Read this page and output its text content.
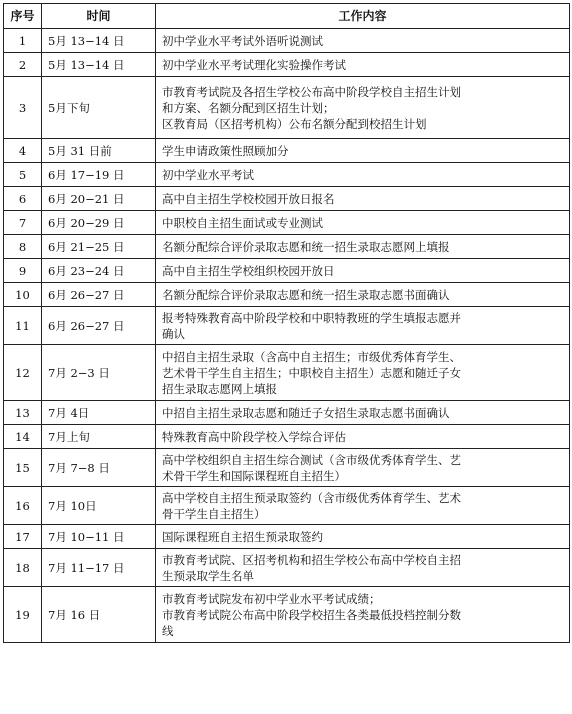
序号	时间	工作内容
1	5月 13−14 日	初中学业水平考试外语听说测试

2	5月 13−14 日	初中学业水平考试理化实验操作考试

3	5月下旬	市教育考试院及各招生学校公布高中阶段学校自主招生计划
和方案、名额分配到区招生计划；
区教育局（区招考机构）公布名额分配到校招生计划

4	5月 31 日前	学生申请政策性照顾加分

5	6月 17−19 日	初中学业水平考试

6	6月 20−21 日	高中自主招生学校校园开放日报名

7	6月 20−29 日	中职校自主招生面试或专业测试

8	6月 21−25 日	名额分配综合评价录取志愿和统一招生录取志愿网上填报

9	6月 23−24 日	高中自主招生学校组织校园开放日

10	6月 26−27 日	名额分配综合评价录取志愿和统一招生录取志愿书面确认

11	6月 26−27 日	报考特殊教育高中阶段学校和中职特教班的学生填报志愿并
确认

12	7月 2−3 日	中招自主招生录取（含高中自主招生；市级优秀体育学生、
艺术骨干学生自主招生；中职校自主招生）志愿和随迁子女
招生录取志愿网上填报

13	7月 4日	中招自主招生录取志愿和随迁子女招生录取志愿书面确认

14	7月上旬	特殊教育高中阶段学校入学综合评估

15	7月 7−8 日	高中学校组织自主招生综合测试（含市级优秀体育学生、艺
术骨干学生和国际课程班自主招生）

16	7月 10日	高中学校自主招生预录取签约（含市级优秀体育学生、艺术
骨干学生自主招生）

17	7月 10−11 日	国际课程班自主招生预录取签约

18	7月 11−17 日	市教育考试院、区招考机构和招生学校公布高中学校自主招
生预录取学生名单

19	7月 16 日	市教育考试院发布初中学业水平考试成绩；
市教育考试院公布高中阶段学校招生各类最低投档控制分数
线
